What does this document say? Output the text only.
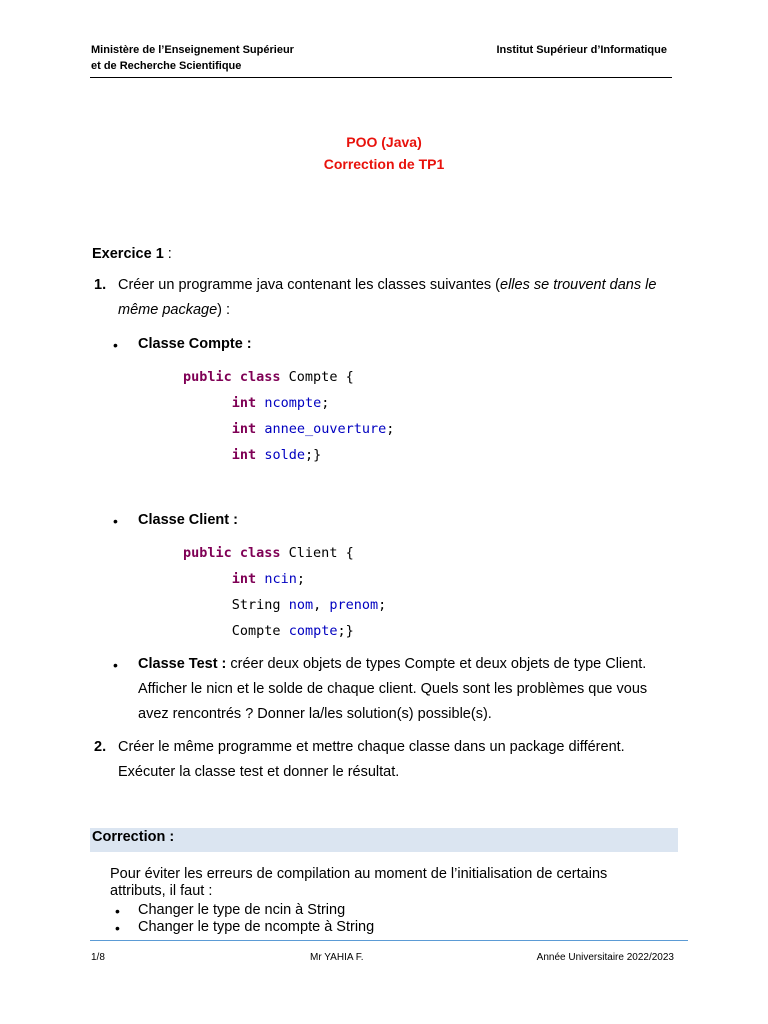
Ministère de l’Enseignement Supérieur
et de Recherche Scientifique
Institut Supérieur d’Informatique
POO (Java)
Correction de TP1
Exercice 1 :
1. Créer un programme java contenant les classes suivantes (elles se trouvent dans le
même package) :
• Classe Compte :
public class Compte {
int ncompte;
int annee_ouverture;
int solde;}
• Classe Client :
public class Client {
int ncin;
String nom, prenom;
Compte compte;}
• Classe Test : créer deux objets de types Compte et deux objets de type Client.
Afficher le nicn et le solde de chaque client. Quels sont les problèmes que vous
avez rencontrés ? Donner la/les solution(s) possible(s).
2. Créer le même programme et mettre chaque classe dans un package différent.
Exécuter la classe test et donner le résultat.
Correction :
Pour éviter les erreurs de compilation au moment de l’initialisation de certains
attributs, il faut :
• Changer le type de ncin à String
• Changer le type de ncompte à String
1/8	Mr YAHIA F.	Année Universitaire 2022/2023
